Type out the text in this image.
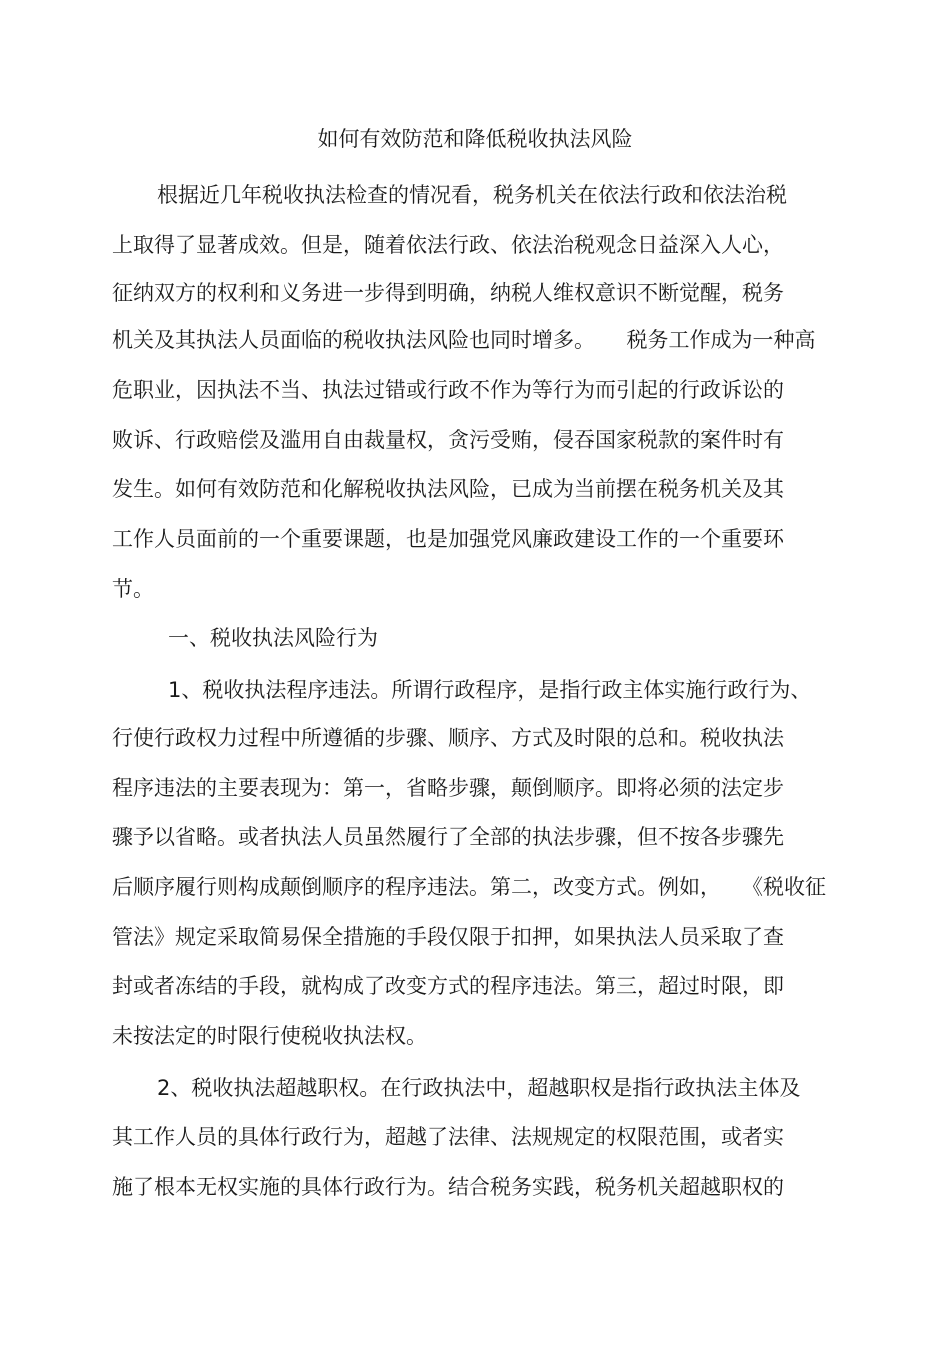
如何有效防范和降低税收执法风险
根据近几年税收执法检查的情况看，税务机关在依法行政和依法治税
上取得了显著成效。但是，随着依法行政、依法治税观念日益深入人心，
征纳双方的权利和义务进一步得到明确，纳税人维权意识不断觉醒，税务
机关及其执法人员面临的税收执法风险也同时增多。　　税务工作成为一种高
危职业，因执法不当、执法过错或行政不作为等行为而引起的行政诉讼的
败诉、行政赔偿及滥用自由裁量权，贪污受贿，侵吞国家税款的案件时有
发生。如何有效防范和化解税收执法风险，已成为当前摆在税务机关及其
工作人员面前的一个重要课题，也是加强党风廉政建设工作的一个重要环
节。
一、税收执法风险行为
1、税收执法程序违法。所谓行政程序，是指行政主体实施行政行为、
行使行政权力过程中所遵循的步骤、顺序、方式及时限的总和。税收执法
程序违法的主要表现为：第一，省略步骤，颠倒顺序。即将必须的法定步
骤予以省略。或者执法人员虽然履行了全部的执法步骤，但不按各步骤先
后顺序履行则构成颠倒顺序的程序违法。第二，改变方式。例如，　　《税收征
管法》规定采取简易保全措施的手段仅限于扣押，如果执法人员采取了查
封或者冻结的手段，就构成了改变方式的程序违法。第三，超过时限，即
未按法定的时限行使税收执法权。
2、税收执法超越职权。在行政执法中，超越职权是指行政执法主体及
其工作人员的具体行政行为，超越了法律、法规规定的权限范围，或者实
施了根本无权实施的具体行政行为。结合税务实践，税务机关超越职权的
